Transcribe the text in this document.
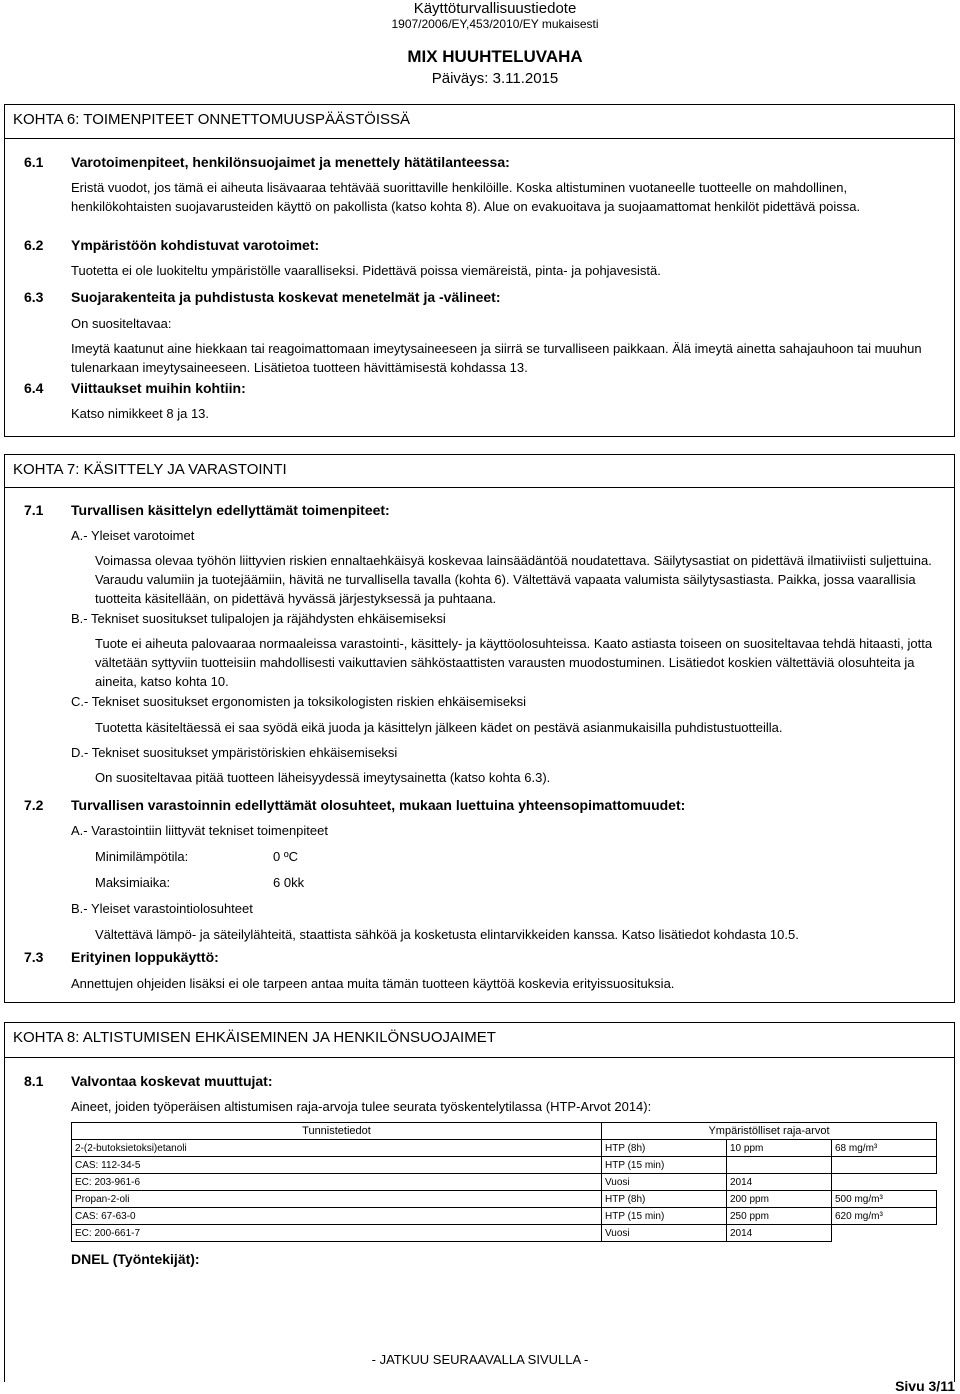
Käyttöturvallisuustiedote
1907/2006/EY,453/2010/EY mukaisesti
MIX HUUHTELUVAHA
Päiväys: 3.11.2015
KOHTA 6: TOIMENPITEET ONNETTOMUUSPÄÄSTÖISSÄ
6.1 Varotoimenpiteet, henkilönsuojaimet ja menettely hätätilanteessa:
Eristä vuodot, jos tämä ei aiheuta lisävaaraa tehtävää suorittaville henkilöille. Koska altistuminen vuotaneelle tuotteelle on mahdollinen, henkilökohtaisten suojavarusteiden käyttö on pakollista (katso kohta 8). Alue on evakuoitava ja suojaamattomat henkilöt pidettävä poissa.
6.2 Ympäristöön kohdistuvat varotoimet:
Tuotetta ei ole luokiteltu ympäristölle vaaralliseksi. Pidettävä poissa viemäreistä, pinta- ja pohjavesistä.
6.3 Suojarakenteita ja puhdistusta koskevat menetelmät ja -välineet:
On suositeltavaa:
Imeytä kaatunut aine hiekkaan tai reagoimattomaan imeytysaineeseen ja siirrä se turvalliseen paikkaan. Älä imeytä ainetta sahajauhoon tai muuhun tulenarkaan imeytysaineeseen. Lisätietoa tuotteen hävittämisestä kohdassa 13.
6.4 Viittaukset muihin kohtiin:
Katso nimikkeet 8 ja 13.
KOHTA 7: KÄSITTELY JA VARASTOINTI
7.1 Turvallisen käsittelyn edellyttämät toimenpiteet:
A.- Yleiset varotoimet
Voimassa olevaa työhön liittyvien riskien ennaltaehkäisyä koskevaa lainsäädäntöä noudatettava. Säilytysastiat on pidettävä ilmatiiviisti suljettuina. Varaudu valumiin ja tuotejäämiin, hävitä ne turvallisella tavalla (kohta 6). Vältettävä vapaata valumista säilytysastiasta. Paikka, jossa vaarallisia tuotteita käsitellään, on pidettävä hyvässä järjestyksessä ja puhtaana.
B.- Tekniset suositukset tulipalojen ja räjähdysten ehkäisemiseksi
Tuote ei aiheuta palovaaraa normaaleissa varastointi-, käsittely- ja käyttöolosuhteissa. Kaato astiasta toiseen on suositeltavaa tehdä hitaasti, jotta vältetään syttyviin tuotteisiin mahdollisesti vaikuttavien sähköstaattisten varausten muodostuminen. Lisätiedot koskien vältettäviä olosuhteita ja aineita, katso kohta 10.
C.- Tekniset suositukset ergonomisten ja toksikologisten riskien ehkäisemiseksi
Tuotetta käsiteltäessä ei saa syödä eikä juoda ja käsittelyn jälkeen kädet on pestävä asianmukaisilla puhdistustuotteilla.
D.- Tekniset suositukset ympäristöriskien ehkäisemiseksi
On suositeltavaa pitää tuotteen läheisyydessä imeytysainetta (katso kohta 6.3).
7.2 Turvallisen varastoinnin edellyttämät olosuhteet, mukaan luettuina yhteensopimattomuudet:
A.- Varastointiin liittyvät tekniset toimenpiteet
Minimilämpötila:	0 ºC
Maksimiaika:	6 0kk
B.- Yleiset varastointiolosuhteet
Vältettävä lämpö- ja säteilylähteitä, staattista sähköä ja kosketusta elintarvikkeiden kanssa. Katso lisätiedot kohdasta 10.5.
7.3 Erityinen loppukäyttö:
Annettujen ohjeiden lisäksi ei ole tarpeen antaa muita tämän tuotteen käyttöä koskevia erityissuosituksia.
KOHTA 8: ALTISTUMISEN EHKÄISEMINEN JA HENKILÖNSUOJAIMET
8.1 Valvontaa koskevat muuttujat:
Aineet, joiden työperäisen altistumisen raja-arvoja tulee seurata työskentelytilassa (HTP-Arvot 2014):
Tunnistetiedot	Ympäristölliset raja-arvot		
2-(2-butoksietoksi)etanoli	HTP (8h)	10 ppm	68 mg/m³
CAS: 112-34-5	HTP (15 min)		
EC: 203-961-6	Vuosi	2014	
Propan-2-oli	HTP (8h)	200 ppm	500 mg/m³
CAS: 67-63-0	HTP (15 min)	250 ppm	620 mg/m³
EC: 200-661-7	Vuosi	2014	
DNEL (Työntekijät):
- JATKUU SEURAAVALLA SIVULLA -
Sivu 3/11
